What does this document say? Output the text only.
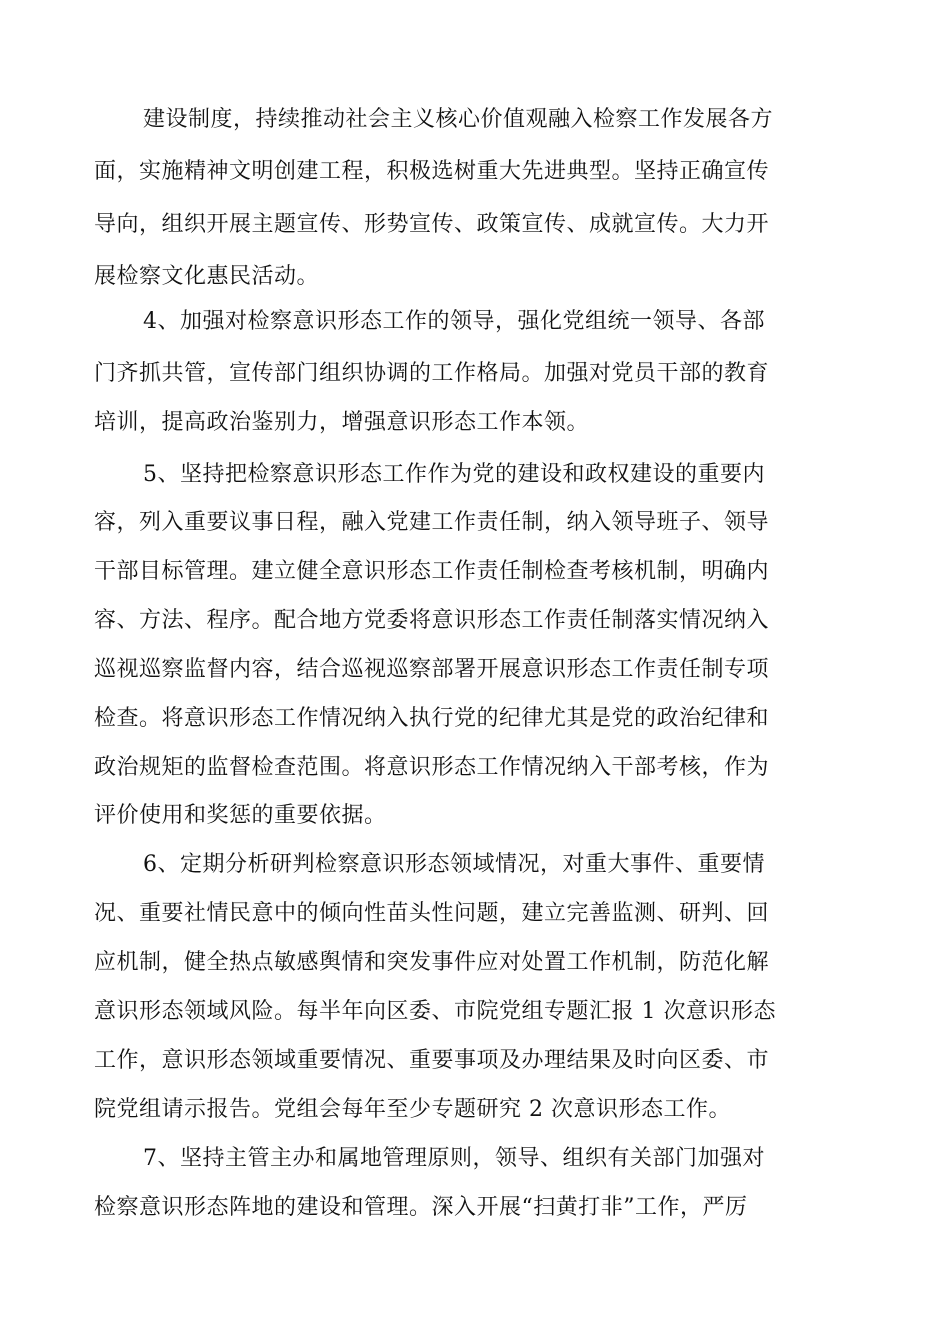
建设制度，持续推动社会主义核心价值观融入检察工作发展各方
面，实施精神文明创建工程，积极选树重大先进典型。坚持正确宣传
导向，组织开展主题宣传、形势宣传、政策宣传、成就宣传。大力开
展检察文化惠民活动。
4、加强对检察意识形态工作的领导，强化党组统一领导、各部
门齐抓共管，宣传部门组织协调的工作格局。加强对党员干部的教育
培训，提高政治鉴别力，增强意识形态工作本领。
5、坚持把检察意识形态工作作为党的建设和政权建设的重要内
容，列入重要议事日程，融入党建工作责任制，纳入领导班子、领导
干部目标管理。建立健全意识形态工作责任制检查考核机制，明确内
容、方法、程序。配合地方党委将意识形态工作责任制落实情况纳入
巡视巡察监督内容，结合巡视巡察部署开展意识形态工作责任制专项
检查。将意识形态工作情况纳入执行党的纪律尤其是党的政治纪律和
政治规矩的监督检查范围。将意识形态工作情况纳入干部考核，作为
评价使用和奖惩的重要依据。
6、定期分析研判检察意识形态领域情况，对重大事件、重要情
况、重要社情民意中的倾向性苗头性问题，建立完善监测、研判、回
应机制，健全热点敏感舆情和突发事件应对处置工作机制，防范化解
意识形态领域风险。每半年向区委、市院党组专题汇报 1 次意识形态
工作，意识形态领域重要情况、重要事项及办理结果及时向区委、市
院党组请示报告。党组会每年至少专题研究 2 次意识形态工作。
7、坚持主管主办和属地管理原则，领导、组织有关部门加强对
检察意识形态阵地的建设和管理。深入开展“扫黄打非”工作，严厉
